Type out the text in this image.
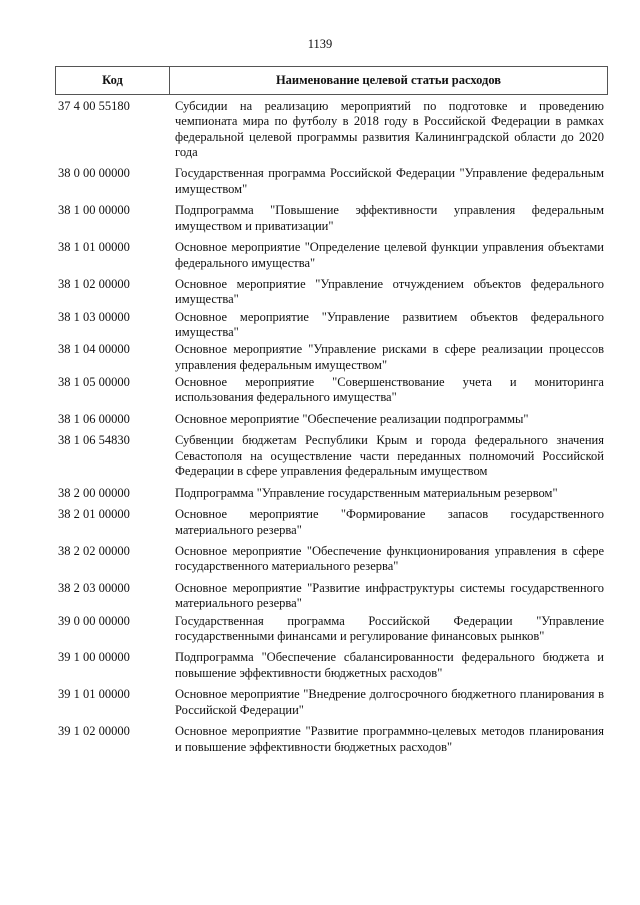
1139
Код	Наименование целевой статьи расходов
37 4 00 55180	Субсидии на реализацию мероприятий по подготовке и проведению чемпионата мира по футболу в 2018 году в Российской Федерации в рамках федеральной целевой программы развития Калининградской области до 2020 года
38 0 00 00000	Государственная программа Российской Федерации "Управление федеральным имуществом"
38 1 00 00000	Подпрограмма "Повышение эффективности управления федеральным имуществом и приватизации"
38 1 01 00000	Основное мероприятие "Определение целевой функции управления объектами федерального имущества"
38 1 02 00000	Основное мероприятие "Управление отчуждением объектов федерального имущества"
38 1 03 00000	Основное мероприятие "Управление развитием объектов федерального имущества"
38 1 04 00000	Основное мероприятие "Управление рисками в сфере реализации процессов управления федеральным имуществом"
38 1 05 00000	Основное мероприятие "Совершенствование учета и мониторинга использования федерального имущества"
38 1 06 00000	Основное мероприятие "Обеспечение реализации подпрограммы"
38 1 06 54830	Субвенции бюджетам Республики Крым и города федерального значения Севастополя на осуществление части переданных полномочий Российской Федерации в сфере управления федеральным имуществом
38 2 00 00000	Подпрограмма "Управление государственным материальным резервом"
38 2 01 00000	Основное мероприятие "Формирование запасов государственного материального резерва"
38 2 02 00000	Основное мероприятие "Обеспечение функционирования управления в сфере государственного материального резерва"
38 2 03 00000	Основное мероприятие "Развитие инфраструктуры системы государственного материального резерва"
39 0 00 00000	Государственная программа Российской Федерации "Управление государственными финансами и регулирование финансовых рынков"
39 1 00 00000	Подпрограмма "Обеспечение сбалансированности федерального бюджета и повышение эффективности бюджетных расходов"
39 1 01 00000	Основное мероприятие "Внедрение долгосрочного бюджетного планирования в Российской Федерации"
39 1 02 00000	Основное мероприятие "Развитие программно-целевых методов планирования и повышение эффективности бюджетных расходов"
